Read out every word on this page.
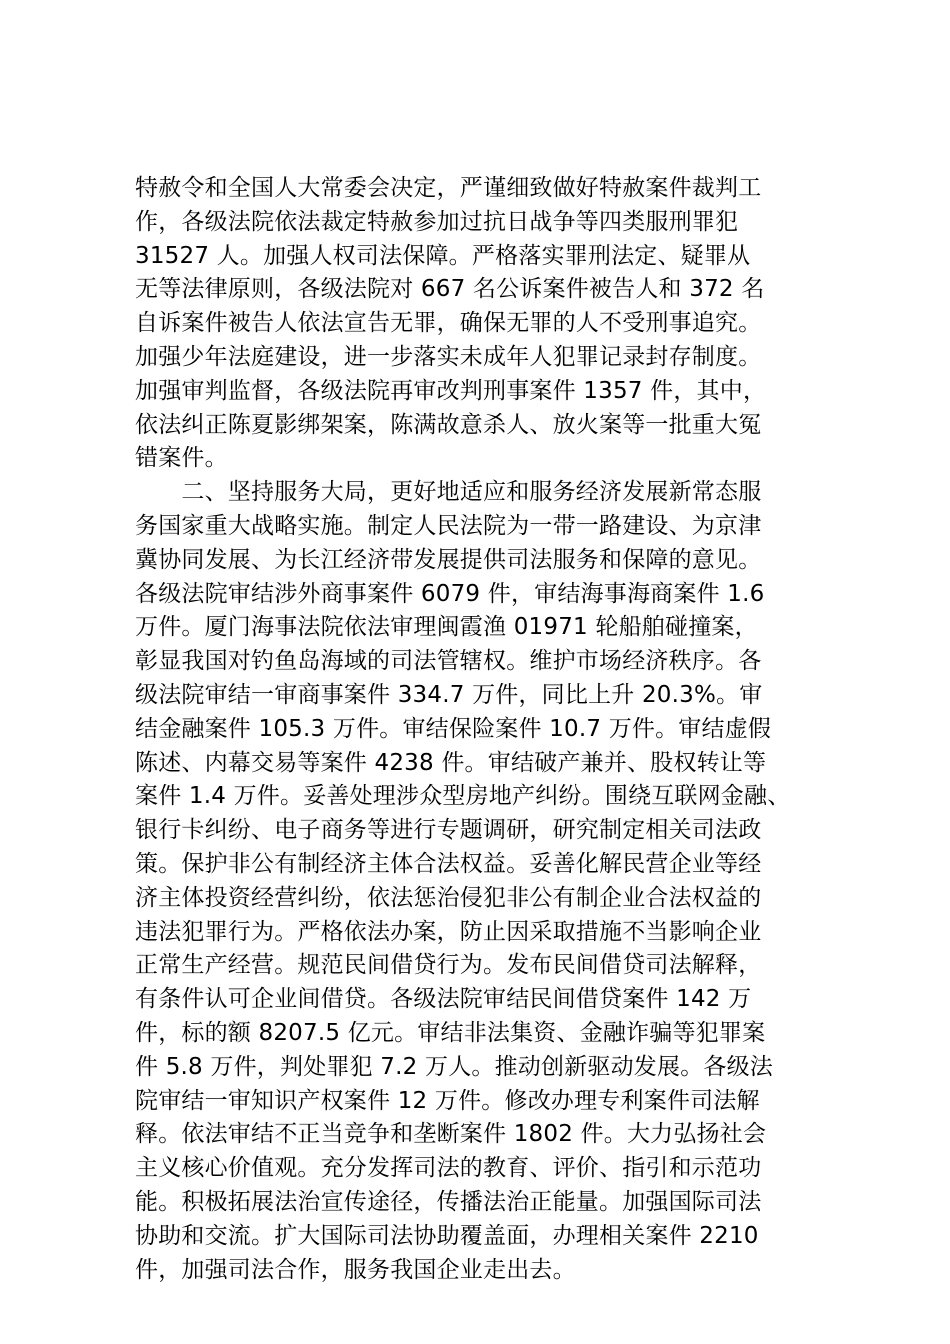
特赦令和全国人大常委会决定，严谨细致做好特赦案件裁判工
作，各级法院依法裁定特赦参加过抗日战争等四类服刑罪犯
31527 人。加强人权司法保障。严格落实罪刑法定、疑罪从
无等法律原则，各级法院对 667 名公诉案件被告人和 372 名
自诉案件被告人依法宣告无罪，确保无罪的人不受刑事追究。
加强少年法庭建设，进一步落实未成年人犯罪记录封存制度。
加强审判监督，各级法院再审改判刑事案件 1357 件，其中，
依法纠正陈夏影绑架案，陈满故意杀人、放火案等一批重大冤
错案件。
　　二、坚持服务大局，更好地适应和服务经济发展新常态服
务国家重大战略实施。制定人民法院为一带一路建设、为京津
冀协同发展、为长江经济带发展提供司法服务和保障的意见。
各级法院审结涉外商事案件 6079 件，审结海事海商案件 1.6
万件。厦门海事法院依法审理闽霞渔 01971 轮船舶碰撞案，
彰显我国对钓鱼岛海域的司法管辖权。维护市场经济秩序。各
级法院审结一审商事案件 334.7 万件，同比上升 20.3%。审
结金融案件 105.3 万件。审结保险案件 10.7 万件。审结虚假
陈述、内幕交易等案件 4238 件。审结破产兼并、股权转让等
案件 1.4 万件。妥善处理涉众型房地产纠纷。围绕互联网金融、
银行卡纠纷、电子商务等进行专题调研，研究制定相关司法政
策。保护非公有制经济主体合法权益。妥善化解民营企业等经
济主体投资经营纠纷，依法惩治侵犯非公有制企业合法权益的
违法犯罪行为。严格依法办案，防止因采取措施不当影响企业
正常生产经营。规范民间借贷行为。发布民间借贷司法解释，
有条件认可企业间借贷。各级法院审结民间借贷案件 142 万
件，标的额 8207.5 亿元。审结非法集资、金融诈骗等犯罪案
件 5.8 万件，判处罪犯 7.2 万人。推动创新驱动发展。各级法
院审结一审知识产权案件 12 万件。修改办理专利案件司法解
释。依法审结不正当竞争和垄断案件 1802 件。大力弘扬社会
主义核心价值观。充分发挥司法的教育、评价、指引和示范功
能。积极拓展法治宣传途径，传播法治正能量。加强国际司法
协助和交流。扩大国际司法协助覆盖面，办理相关案件 2210
件，加强司法合作，服务我国企业走出去。
